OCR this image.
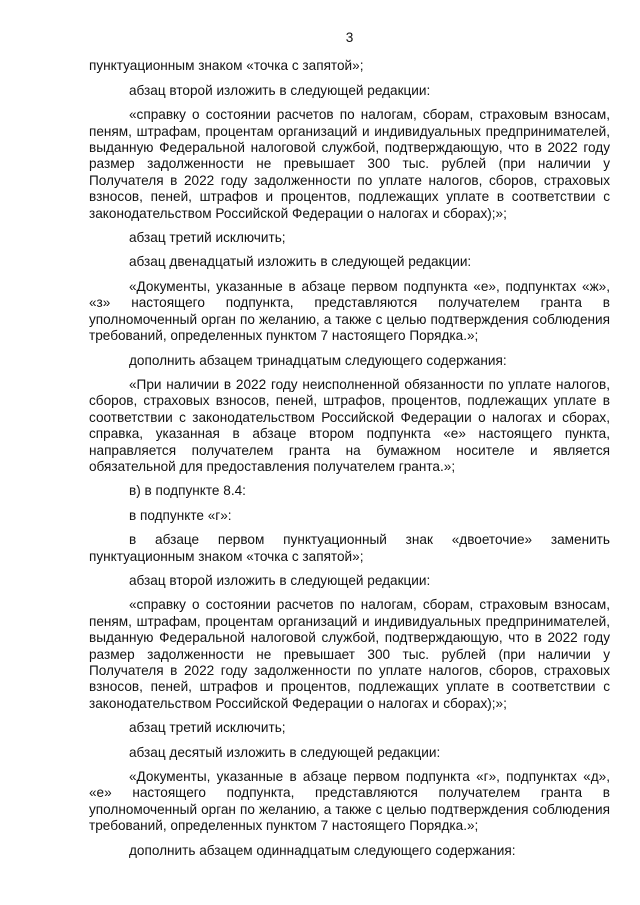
3

пунктуационным знаком «точка с запятой»;

абзац второй изложить в следующей редакции:

«справку о состоянии расчетов по налогам, сборам, страховым взносам, пеням, штрафам, процентам организаций и индивидуальных предпринимателей, выданную Федеральной налоговой службой, подтверждающую, что в 2022 году размер задолженности не превышает 300 тыс. рублей (при наличии у Получателя в 2022 году задолженности по уплате налогов, сборов, страховых взносов, пеней, штрафов и процентов, подлежащих уплате в соответствии с законодательством Российской Федерации о налогах и сборах);»;

абзац третий исключить;

абзац двенадцатый изложить в следующей редакции:

«Документы, указанные в абзаце первом подпункта «е», подпунктах «ж», «з» настоящего подпункта, представляются получателем гранта в уполномоченный орган по желанию, а также с целью подтверждения соблюдения требований, определенных пунктом 7 настоящего Порядка.»;

дополнить абзацем тринадцатым следующего содержания:

«При наличии в 2022 году неисполненной обязанности по уплате налогов, сборов, страховых взносов, пеней, штрафов, процентов, подлежащих уплате в соответствии с законодательством Российской Федерации о налогах и сборах, справка, указанная в абзаце втором подпункта «е» настоящего пункта, направляется получателем гранта на бумажном носителе и является обязательной для предоставления получателем гранта.»;

в) в подпункте 8.4:

в подпункте «г»:

в абзаце первом пунктуационный знак «двоеточие» заменить пунктуационным знаком «точка с запятой»;

абзац второй изложить в следующей редакции:

«справку о состоянии расчетов по налогам, сборам, страховым взносам, пеням, штрафам, процентам организаций и индивидуальных предпринимателей, выданную Федеральной налоговой службой, подтверждающую, что в 2022 году размер задолженности не превышает 300 тыс. рублей (при наличии у Получателя в 2022 году задолженности по уплате налогов, сборов, страховых взносов, пеней, штрафов и процентов, подлежащих уплате в соответствии с законодательством Российской Федерации о налогах и сборах);»;

абзац третий исключить;

абзац десятый изложить в следующей редакции:

«Документы, указанные в абзаце первом подпункта «г», подпунктах «д», «е» настоящего подпункта, представляются получателем гранта в уполномоченный орган по желанию, а также с целью подтверждения соблюдения требований, определенных пунктом 7 настоящего Порядка.»;

дополнить абзацем одиннадцатым следующего содержания:
